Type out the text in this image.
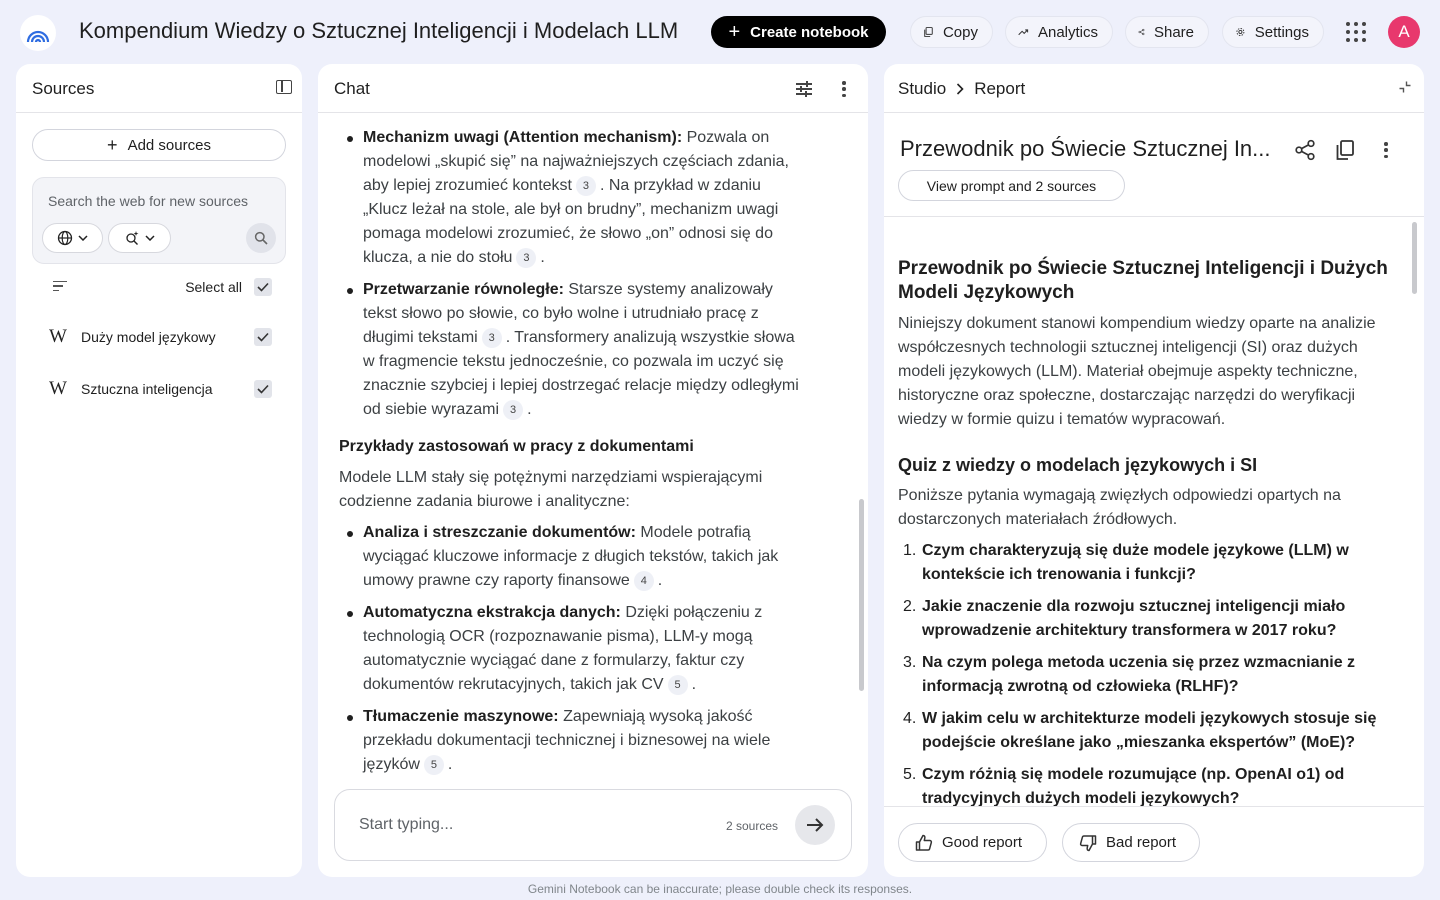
Kompendium Wiedzy o Sztucznej Inteligencji i Modelach LLM	+ Create notebook	Copy	Analytics	Share	Settings	A
Sources
+ Add sources
Search the web for new sources
Select all
W Duży model językowy
W Sztuczna inteligencja
Chat
Mechanizm uwagi (Attention mechanism): Pozwala on modelowi „skupić się” na najważniejszych częściach zdania, aby lepiej zrozumieć kontekst 3 . Na przykład w zdaniu „Klucz leżał na stole, ale był on brudny”, mechanizm uwagi pomaga modelowi zrozumieć, że słowo „on” odnosi się do klucza, a nie do stołu 3 .
Przetwarzanie równoległe: Starsze systemy analizowały tekst słowo po słowie, co było wolne i utrudniało pracę z długimi tekstami 3 . Transformery analizują wszystkie słowa w fragmencie tekstu jednocześnie, co pozwala im uczyć się znacznie szybciej i lepiej dostrzegać relacje między odległymi od siebie wyrazami 3 .
Przykłady zastosowań w pracy z dokumentami
Modele LLM stały się potężnymi narzędziami wspierającymi codzienne zadania biurowe i analityczne:
Analiza i streszczanie dokumentów: Modele potrafią wyciągać kluczowe informacje z długich tekstów, takich jak umowy prawne czy raporty finansowe 4 .
Automatyczna ekstrakcja danych: Dzięki połączeniu z technologią OCR (rozpoznawanie pisma), LLM-y mogą automatycznie wyciągać dane z formularzy, faktur czy dokumentów rekrutacyjnych, takich jak CV 5 .
Tłumaczenie maszynowe: Zapewniają wysoką jakość przekładu dokumentacji technicznej i biznesowej na wiele języków 5 .
Start typing...	2 sources
Studio Report
Przewodnik po Świecie Sztucznej In...
View prompt and 2 sources
Przewodnik po Świecie Sztucznej Inteligencji i Dużych Modeli Językowych

Niniejszy dokument stanowi kompendium wiedzy oparte na analizie współczesnych technologii sztucznej inteligencji (SI) oraz dużych modeli językowych (LLM). Materiał obejmuje aspekty techniczne, historyczne oraz społeczne, dostarczając narzędzi do weryfikacji wiedzy w formie quizu i tematów wypracowań.

Quiz z wiedzy o modelach językowych i SI

Poniższe pytania wymagają zwięzłych odpowiedzi opartych na dostarczonych materiałach źródłowych.

1. Czym charakteryzują się duże modele językowe (LLM) w kontekście ich trenowania i funkcji?
2. Jakie znaczenie dla rozwoju sztucznej inteligencji miało wprowadzenie architektury transformera w 2017 roku?
3. Na czym polega metoda uczenia się przez wzmacnianie z informacją zwrotną od człowieka (RLHF)?
4. W jakim celu w architekturze modeli językowych stosuje się podejście określane jako „mieszanka ekspertów” (MoE)?
5. Czym różnią się modele rozumujące (np. OpenAI o1) od tradycyjnych dużych modeli językowych?
Good report	Bad report
Gemini Notebook can be inaccurate; please double check its responses.
